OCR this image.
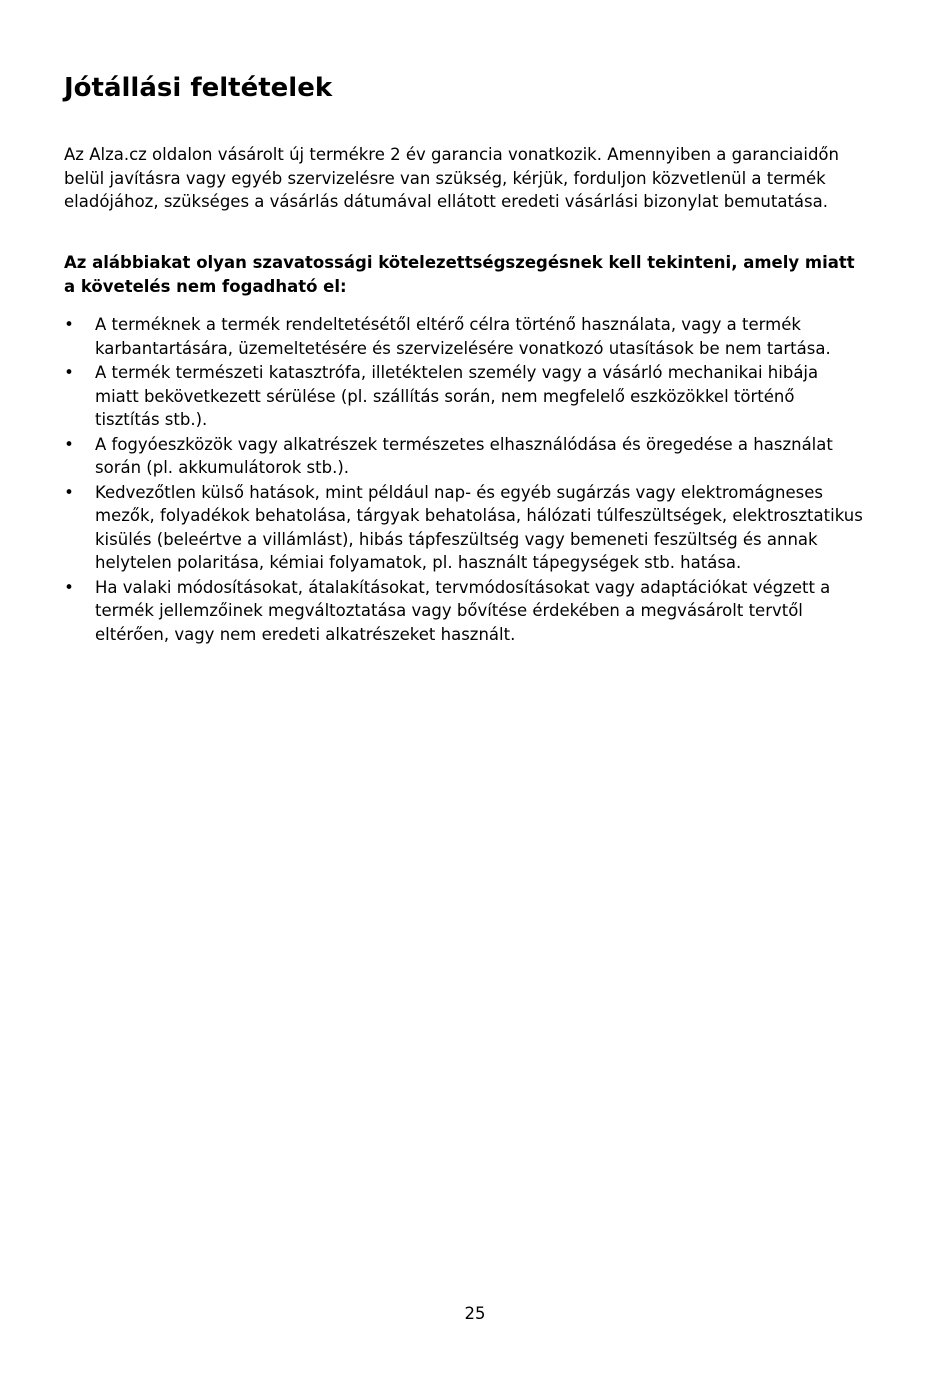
Jótállási feltételek

Az Alza.cz oldalon vásárolt új termékre 2 év garancia vonatkozik. Amennyiben a garanciaidőn belül javításra vagy egyéb szervizelésre van szükség, kérjük, forduljon közvetlenül a termék eladójához, szükséges a vásárlás dátumával ellátott eredeti vásárlási bizonylat bemutatása.

Az alábbiakat olyan szavatossági kötelezettségszegésnek kell tekinteni, amely miatt a követelés nem fogadható el:

• A terméknek a termék rendeltetésétől eltérő célra történő használata, vagy a termék karbantartására, üzemeltetésére és szervizelésére vonatkozó utasítások be nem tartása.
• A termék természeti katasztrófa, illetéktelen személy vagy a vásárló mechanikai hibája miatt bekövetkezett sérülése (pl. szállítás során, nem megfelelő eszközökkel történő tisztítás stb.).
• A fogyóeszközök vagy alkatrészek természetes elhasználódása és öregedése a használat során (pl. akkumulátorok stb.).
• Kedvezőtlen külső hatások, mint például nap- és egyéb sugárzás vagy elektromágneses mezők, folyadékok behatolása, tárgyak behatolása, hálózati túlfeszültségek, elektrosztatikus kisülés (beleértve a villámlást), hibás tápfeszültség vagy bemeneti feszültség és annak helytelen polaritása, kémiai folyamatok, pl. használt tápegységek stb. hatása.
• Ha valaki módosításokat, átalakításokat, tervmódosításokat vagy adaptációkat végzett a termék jellemzőinek megváltoztatása vagy bővítése érdekében a megvásárolt tervtől eltérően, vagy nem eredeti alkatrészeket használt.
25
